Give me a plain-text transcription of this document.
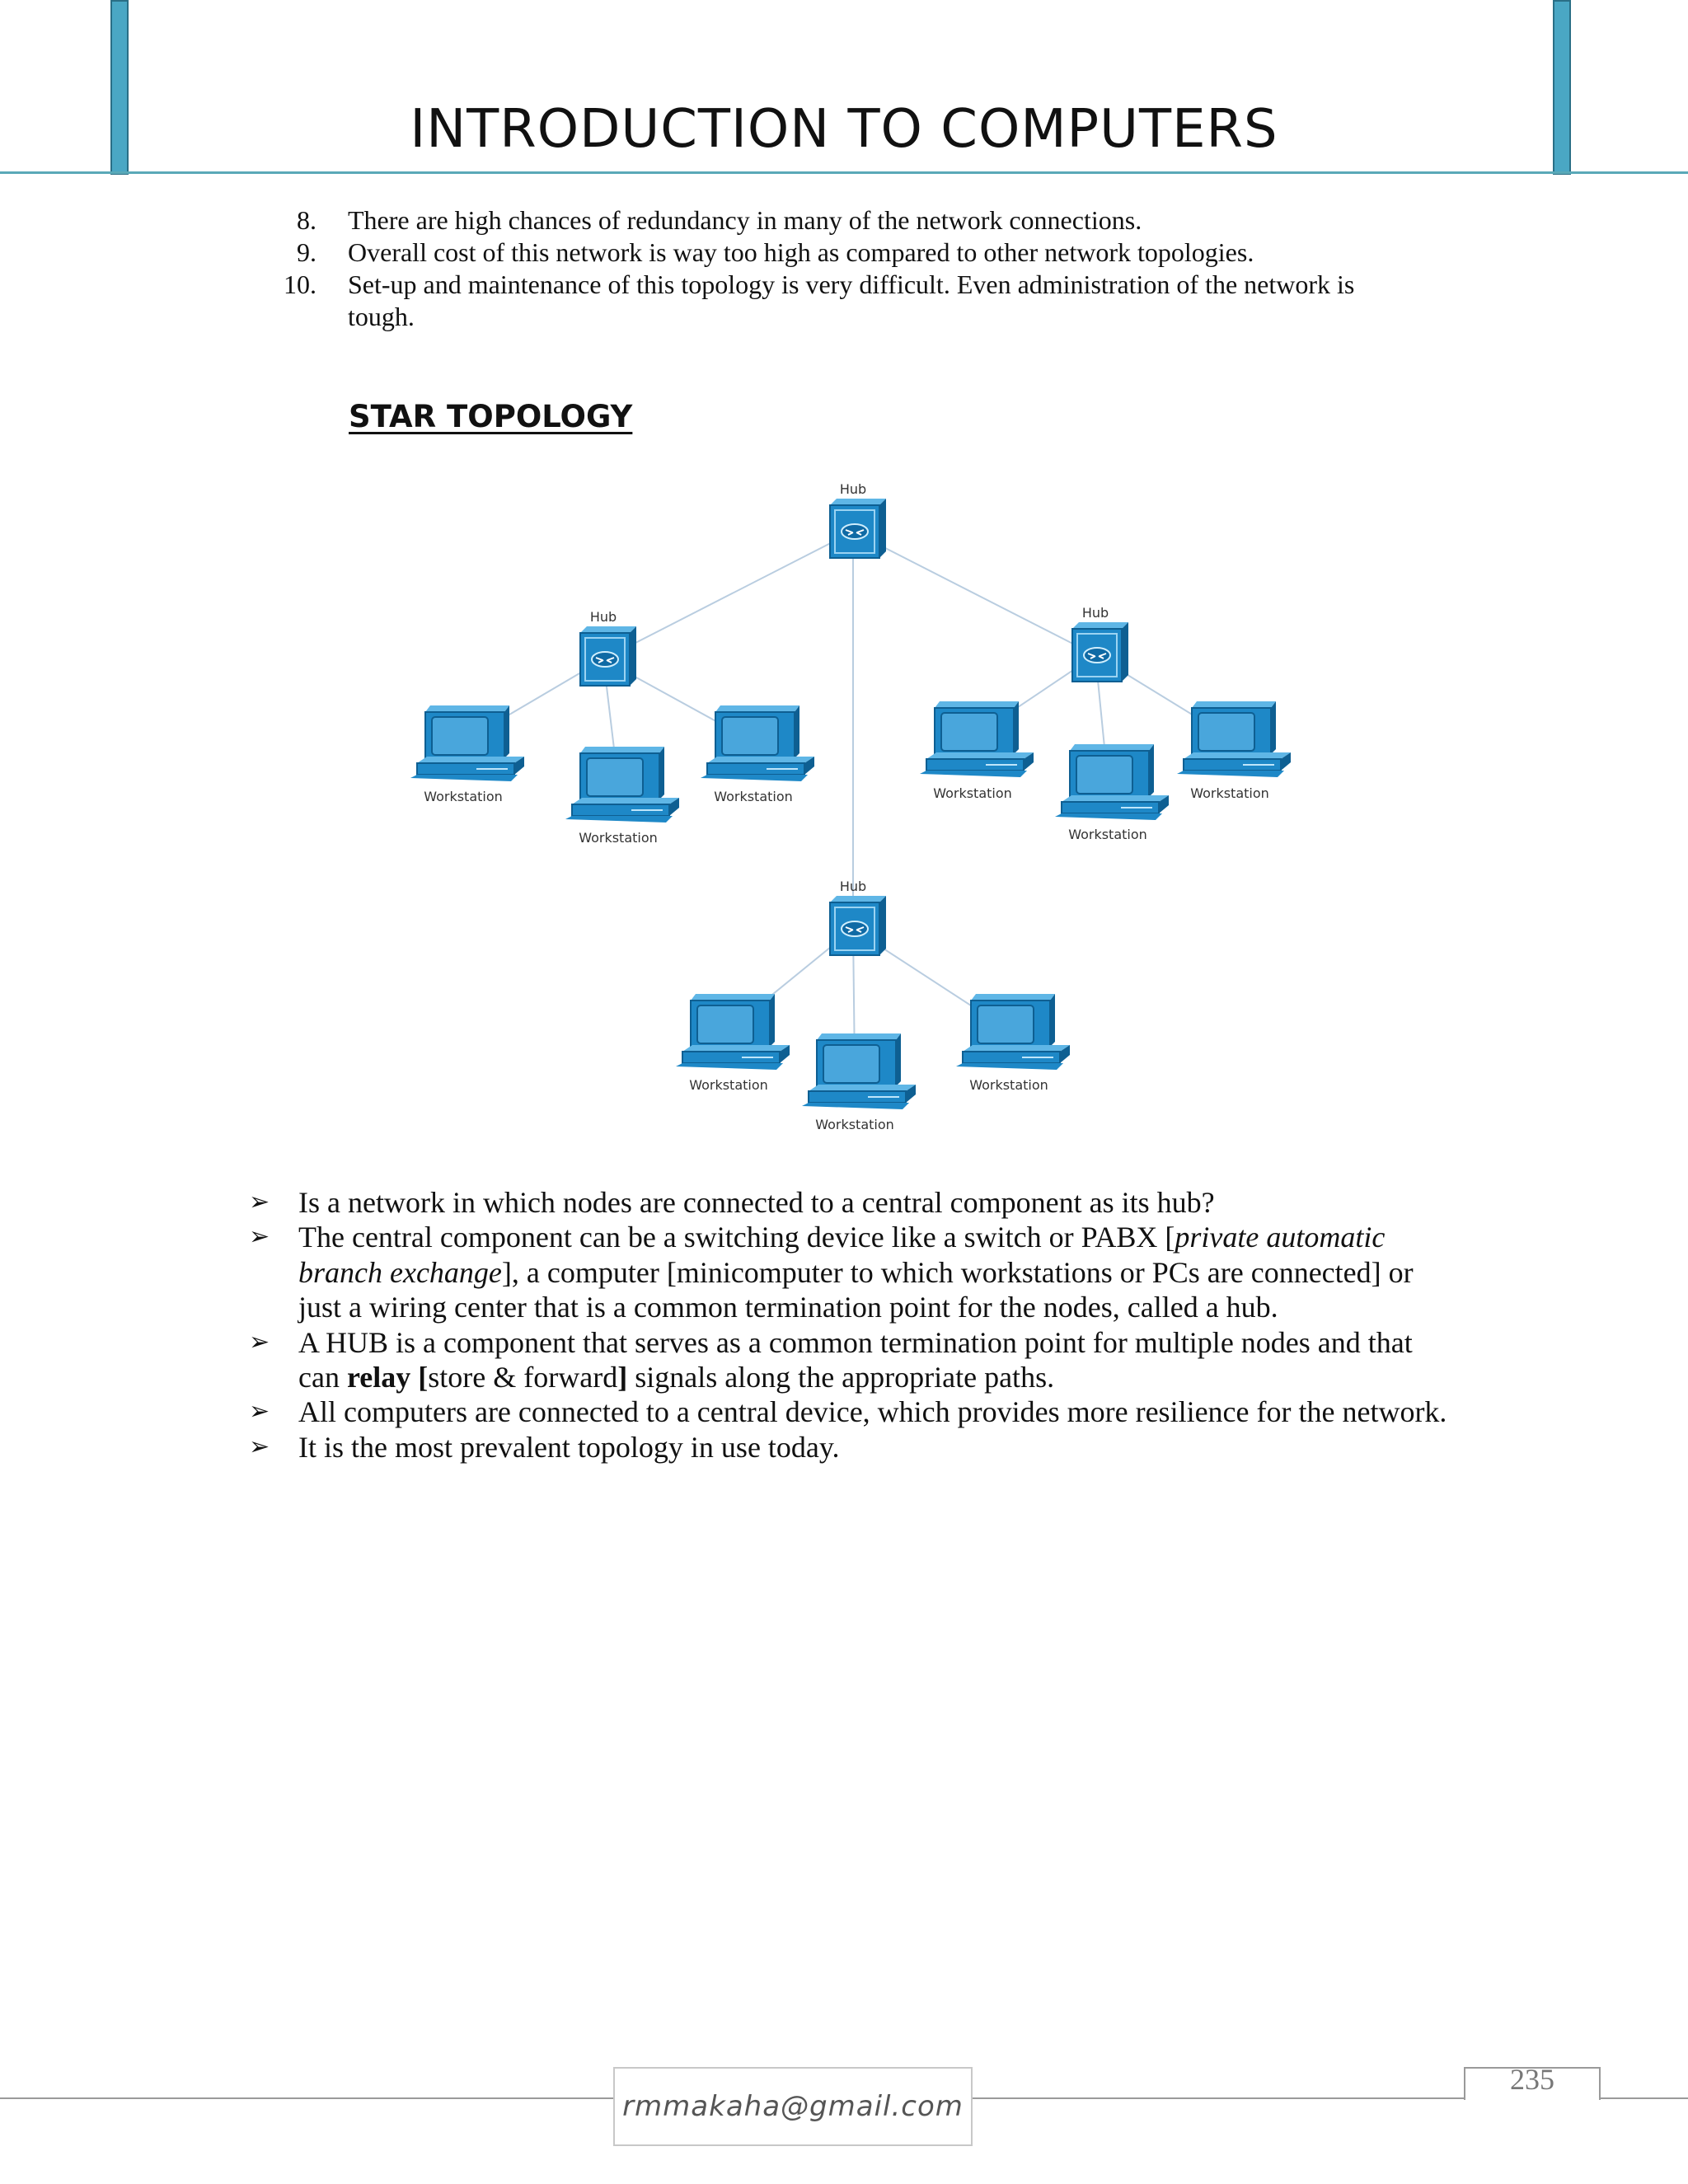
INTRODUCTION TO COMPUTERS
8. There are high chances of redundancy in many of the network connections.
9. Overall cost of this network is way too high as compared to other network topologies.
10. Set-up and maintenance of this topology is very difficult. Even administration of the network is tough.
STAR TOPOLOGY
Hub
Hub	Hub
Hub
Workstation
Workstation
Workstation	Workstation
Workstation
Workstation
Workstation
Workstation
Workstation
➢ Is a network in which nodes are connected to a central component as its hub?
➢ The central component can be a switching device like a switch or PABX [private automatic branch exchange], a computer [minicomputer to which workstations or PCs are connected] or just a wiring center that is a common termination point for the nodes, called a hub.
➢ A HUB is a component that serves as a common termination point for multiple nodes and that can relay [store & forward] signals along the appropriate paths.
➢ All computers are connected to a central device, which provides more resilience for the network.
➢ It is the most prevalent topology in use today.
rmmakaha@gmail.com
235
